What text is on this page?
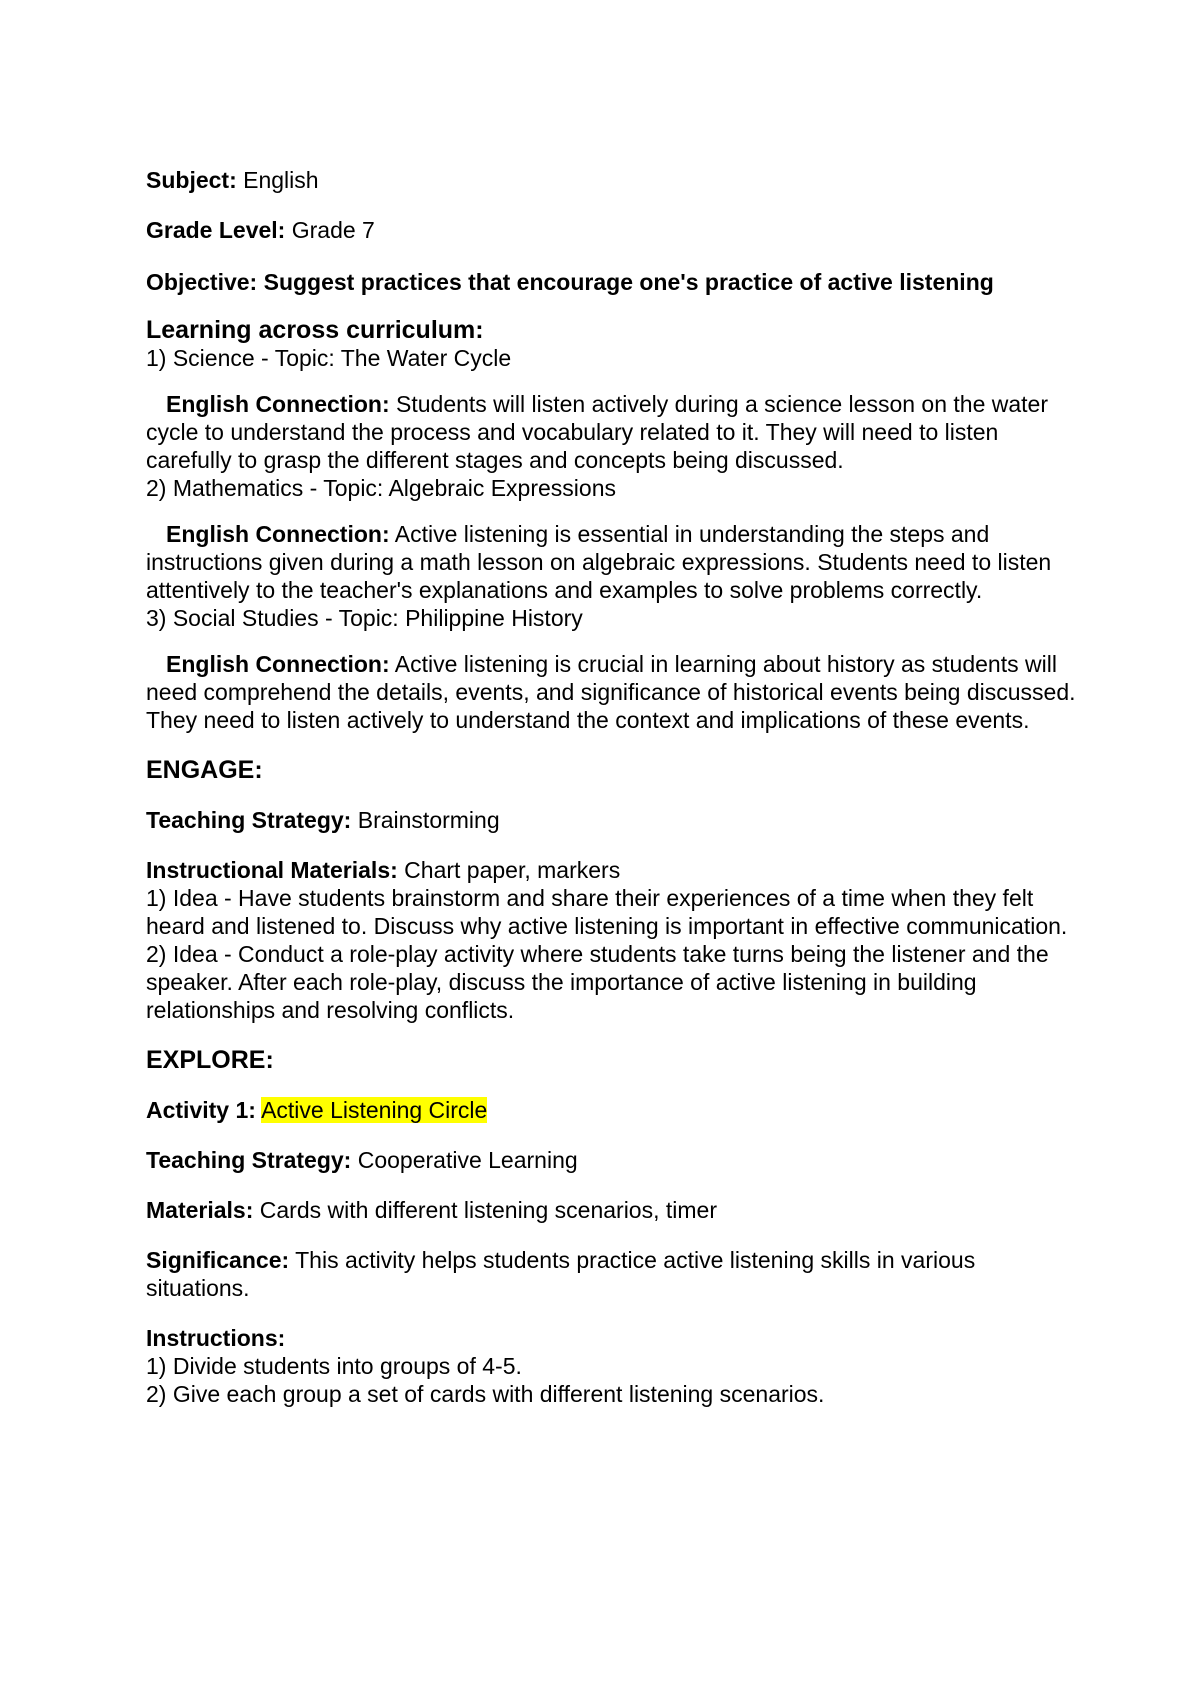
Subject: English

Grade Level: Grade 7

Objective: Suggest practices that encourage one's practice of active listening

Learning across curriculum:

1) Science - Topic: The Water Cycle

English Connection: Students will listen actively during a science lesson on the water cycle to understand the process and vocabulary related to it. They will need to listen carefully to grasp the different stages and concepts being discussed.

2) Mathematics - Topic: Algebraic Expressions

English Connection: Active listening is essential in understanding the steps and instructions given during a math lesson on algebraic expressions. Students need to listen attentively to the teacher's explanations and examples to solve problems correctly.

3) Social Studies - Topic: Philippine History

English Connection: Active listening is crucial in learning about history as students will need comprehend the details, events, and significance of historical events being discussed. They need to listen actively to understand the context and implications of these events.

ENGAGE:

Teaching Strategy: Brainstorming

Instructional Materials: Chart paper, markers

1) Idea - Have students brainstorm and share their experiences of a time when they felt heard and listened to. Discuss why active listening is important in effective communication.

2) Idea - Conduct a role-play activity where students take turns being the listener and the speaker. After each role-play, discuss the importance of active listening in building relationships and resolving conflicts.

EXPLORE:

Activity 1: Active Listening Circle

Teaching Strategy: Cooperative Learning

Materials: Cards with different listening scenarios, timer

Significance: This activity helps students practice active listening skills in various situations.

Instructions:

1) Divide students into groups of 4-5.

2) Give each group a set of cards with different listening scenarios.
